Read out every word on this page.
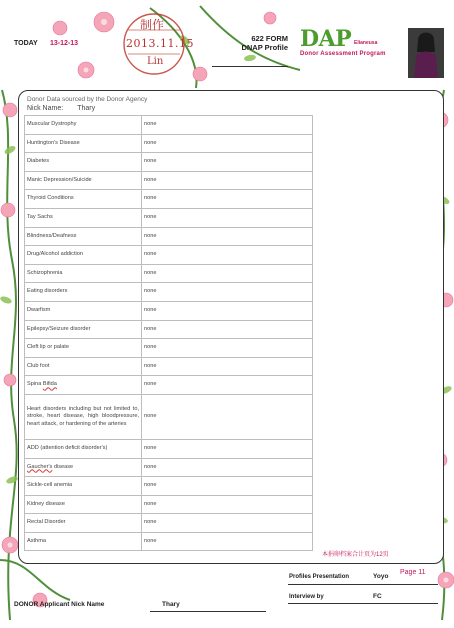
TODAY 13-12-13
制作
2013.11.15
Lin
622 FORM
DNAP Profile DAP Elianeusa
Donor Assessment Program
Donor Data sourced by the Donor Agency
Nick Name: Thary
Muscular Dystrophy	none
Huntington's Disease	none
Diabetes	none
Manic Depression/Suicide	none
Thyroid Conditions	none
Tay Sachs	none
Blindness/Deafness	none
Drug/Alcohol addiction	none
Schizophrenia	none
Eating disorders	none
Dwarfism	none
Epilepsy/Seizure disorder	none
Cleft lip or palate	none
Club foot	none
Spina Bifida	none
Heart disorders including but not limited to, stroke, heart disease, high bloodpressure, heart attack, or hardening of the arteries	none
ADD (attention deficit disorder's)	none
Gaucher's disease	none
Sickle-cell anemia	none
Kidney disease	none
Rectal Disorder	none
Asthma	none
本捐卵档案合计页为12页
Profiles Presentation	Yoyo
Page 11
Interview by	FC
DONOR Applicant Nick Name	Thary
